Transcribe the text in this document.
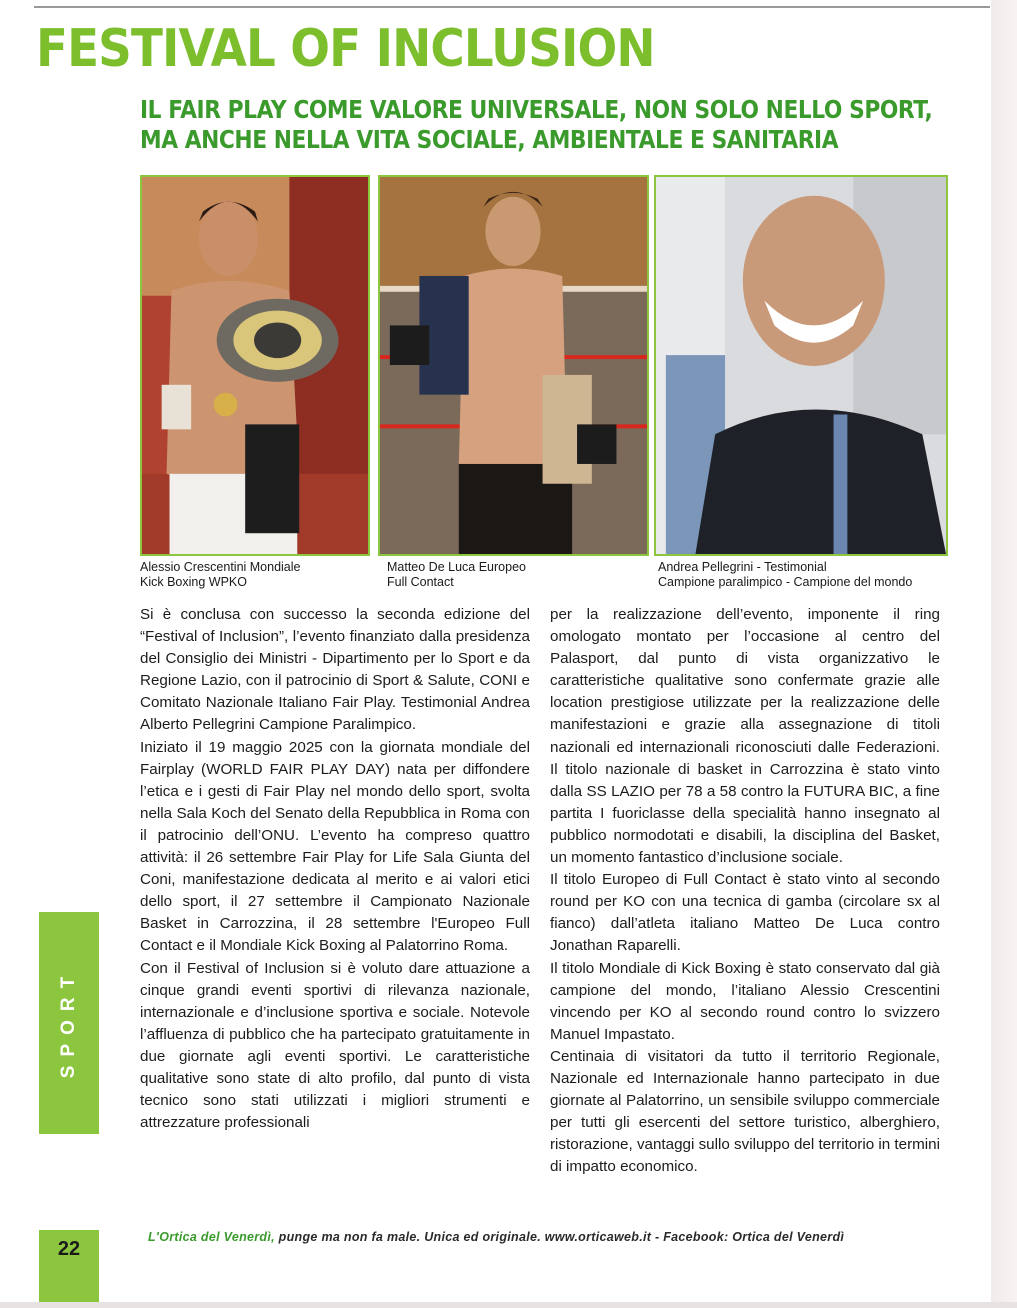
FESTIVAL OF INCLUSION
IL FAIR PLAY COME VALORE UNIVERSALE, NON SOLO NELLO SPORT,
MA ANCHE NELLA VITA SOCIALE, AMBIENTALE E SANITARIA
Alessio Crescentini Mondiale
Kick Boxing WPKO
Matteo De Luca Europeo
Full Contact
Andrea Pellegrini - Testimonial
Campione paralimpico - Campione del mondo

Si è conclusa con successo la seconda edizione del “Festival of Inclusion”, l’evento finanziato dalla presidenza del Consiglio dei Ministri - Dipartimento per lo Sport e da Regione Lazio, con il patrocinio di Sport & Salute, CONI e Comitato Nazionale Italiano Fair Play. Testimonial Andrea Alberto Pellegrini Campione Paralimpico.

Iniziato il 19 maggio 2025 con la giornata mondiale del Fairplay (WORLD FAIR PLAY DAY) nata per diffondere l’etica e i gesti di Fair Play nel mondo dello sport, svolta nella Sala Koch del Senato della Repubblica in Roma con il patrocinio dell’ONU. L’evento ha compreso quattro attività: il 26 settembre Fair Play for Life Sala Giunta del Coni, manifestazione dedicata al merito e ai valori etici dello sport, il 27 settembre il Campionato Nazionale Basket in Carrozzina, il 28 settembre l'Europeo Full Contact e il Mondiale Kick Boxing al Palatorrino Roma.

Con il Festival of Inclusion si è voluto dare attuazione a cinque grandi eventi sportivi di rilevanza nazionale, internazionale e d’inclusione sportiva e sociale. Notevole l’affluenza di pubblico che ha partecipato gratuitamente in due giornate agli eventi sportivi. Le caratteristiche qualitative sono state di alto profilo, dal punto di vista tecnico sono stati utilizzati i migliori strumenti e attrezzature professionali

per la realizzazione dell’evento, imponente il ring omologato montato per l’occasione al centro del Palasport, dal punto di vista organizzativo le caratteristiche qualitative sono confermate grazie alle location prestigiose utilizzate per la realizzazione delle manifestazioni e grazie alla assegnazione di titoli nazionali ed internazionali riconosciuti dalle Federazioni. Il titolo nazionale di basket in Carrozzina è stato vinto dalla SS LAZIO per 78 a 58 contro la FUTURA BIC, a fine partita I fuoriclasse della specialità hanno insegnato al pubblico normodotati e disabili, la disciplina del Basket, un momento fantastico d’inclusione sociale.

Il titolo Europeo di Full Contact è stato vinto al secondo round per KO con una tecnica di gamba (circolare sx al fianco) dall’atleta italiano Matteo De Luca contro Jonathan Raparelli.

Il titolo Mondiale di Kick Boxing è stato conservato dal già campione del mondo, l’italiano Alessio Crescentini vincendo per KO al secondo round contro lo svizzero Manuel Impastato.

Centinaia di visitatori da tutto il territorio Regionale, Nazionale ed Internazionale hanno partecipato in due giornate al Palatorrino, un sensibile sviluppo commerciale per tutti gli esercenti del settore turistico, alberghiero, ristorazione, vantaggi sullo sviluppo del territorio in termini di impatto economico.

SPORT
22
L'Ortica del Venerdì, punge ma non fa male. Unica ed originale. www.orticaweb.it - Facebook: Ortica del Venerdì
